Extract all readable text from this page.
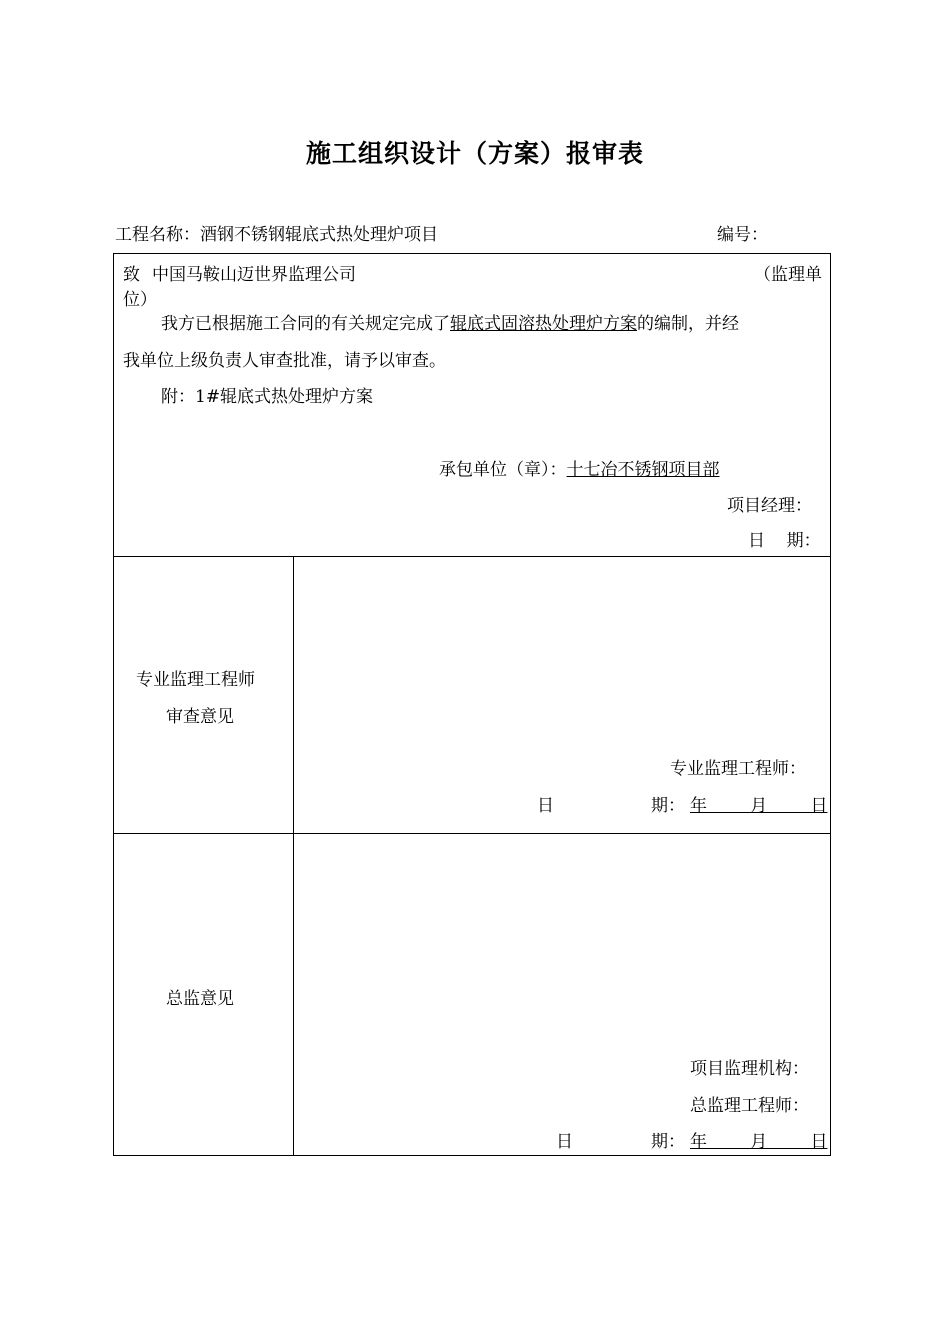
施工组织设计（方案）报审表
工程名称：酒钢不锈钢辊底式热处理炉项目	编号：
致 中国马鞍山迈世界监理公司	（监理单
位）
我方已根据施工合同的有关规定完成了辊底式固溶热处理炉方案的编制，并经
我单位上级负责人审查批准，请予以审查。
附：1#辊底式热处理炉方案
承包单位（章）：十七冶不锈钢项目部
项目经理：
日    期：
专业监理工程师
审查意见
专业监理工程师：
日	期： 年        月        日
总监意见
项目监理机构：
总监理工程师：
日	期： 年        月        日
